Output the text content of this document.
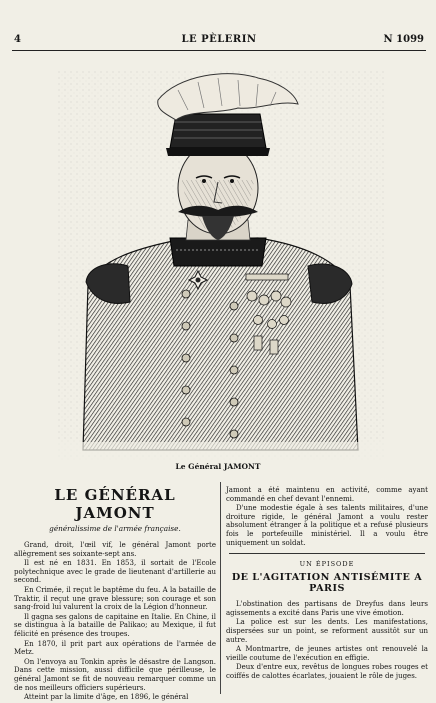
4	LE PÈLERIN	N 1099
Le Général JAMONT
LE GÉNÉRAL JAMONT
généralissime de l'armée française.

Grand, droit, l'œil vif, le général Jamont porte allègrement ses soixante-sept ans.

Il est né en 1831. En 1853, il sortait de l'Ecole polytechnique avec le grade de lieutenant d'artillerie au second.

En Crimée, il reçut le baptême du feu. A la bataille de Traktir, il reçut une grave blessure; son courage et son sang-froid lui valurent la croix de la Légion d'honneur.

Il gagna ses galons de capitaine en Italie. En Chine, il se distingua à la bataille de Palikao; au Mexique, il fut félicité en présence des troupes.

En 1870, il prit part aux opérations de l'armée de Metz.

On l'envoya au Tonkin après le désastre de Langson. Dans cette mission, aussi difficile que périlleuse, le général Jamont se fit de nouveau remarquer comme un de nos meilleurs officiers supérieurs.

Atteint par la limite d'âge, en 1896, le général

Jamont a été maintenu en activité, comme ayant commandé en chef devant l'ennemi.

D'une modestie égale à ses talents militaires, d'une droiture rigide, le général Jamont a voulu rester absolument étranger à la politique et a refusé plusieurs fois le portefeuille ministériel. Il a voulu être uniquement un soldat.

UN ÉPISODE
DE L'AGITATION ANTISÉMITE A PARIS

L'obstination des partisans de Dreyfus dans leurs agissements a excité dans Paris une vive émotion.

La police est sur les dents. Les manifestations, dispersées sur un point, se reforment aussitôt sur un autre.

A Montmartre, de jeunes artistes ont renouvelé la vieille coutume de l'exécution en effigie.

Deux d'entre eux, revêtus de longues robes rouges et coiffés de calottes écarlates, jouaient le rôle de juges.
